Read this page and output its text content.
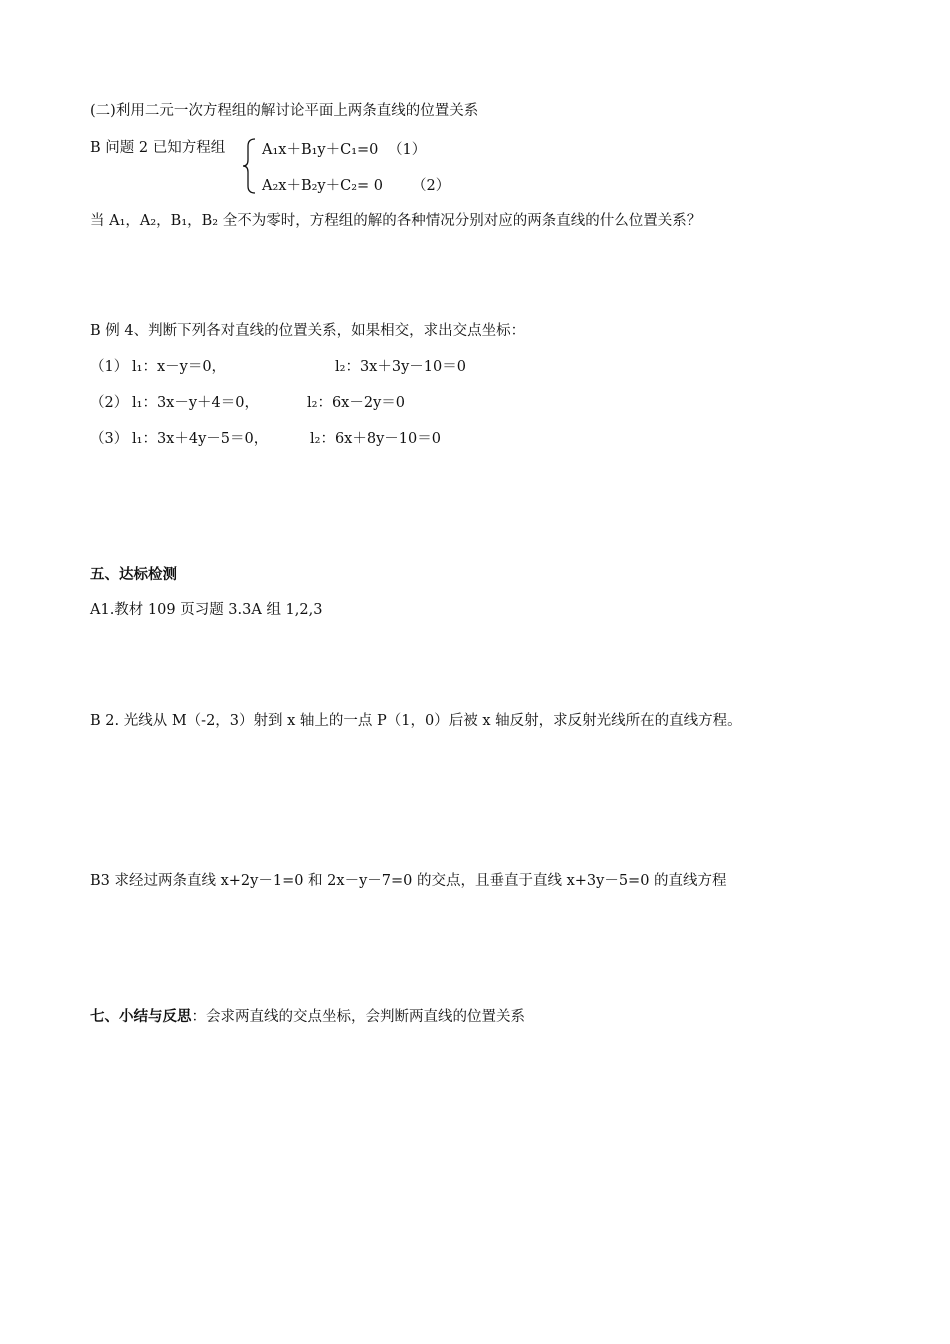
(二)利用二元一次方程组的解讨论平面上两条直线的位置关系
B 问题 2 已知方程组	A₁x＋B₁y＋C₁=0 （1）
A₂x＋B₂y＋C₂= 0 （2）
当 A₁，A₂，B₁，B₂ 全不为零时，方程组的解的各种情况分别对应的两条直线的什么位置关系？
B 例 4、判断下列各对直线的位置关系，如果相交，求出交点坐标：
（1） l₁：x－y＝0，	l₂：3x＋3y－10＝0
（2） l₁：3x－y＋4＝0，	l₂：6x－2y＝0
（3） l₁：3x＋4y－5＝0，	l₂：6x＋8y－10＝0
五、达标检测
A1.教材 109 页习题 3.3A 组 1,2,3
B 2. 光线从 M（-2，3）射到 x 轴上的一点 P（1，0）后被 x 轴反射，求反射光线所在的直线方程。
B3 求经过两条直线 x+2y－1=0 和 2x－y－7=0 的交点，且垂直于直线 x+3y－5=0 的直线方程
七、小结与反思：会求两直线的交点坐标，会判断两直线的位置关系
